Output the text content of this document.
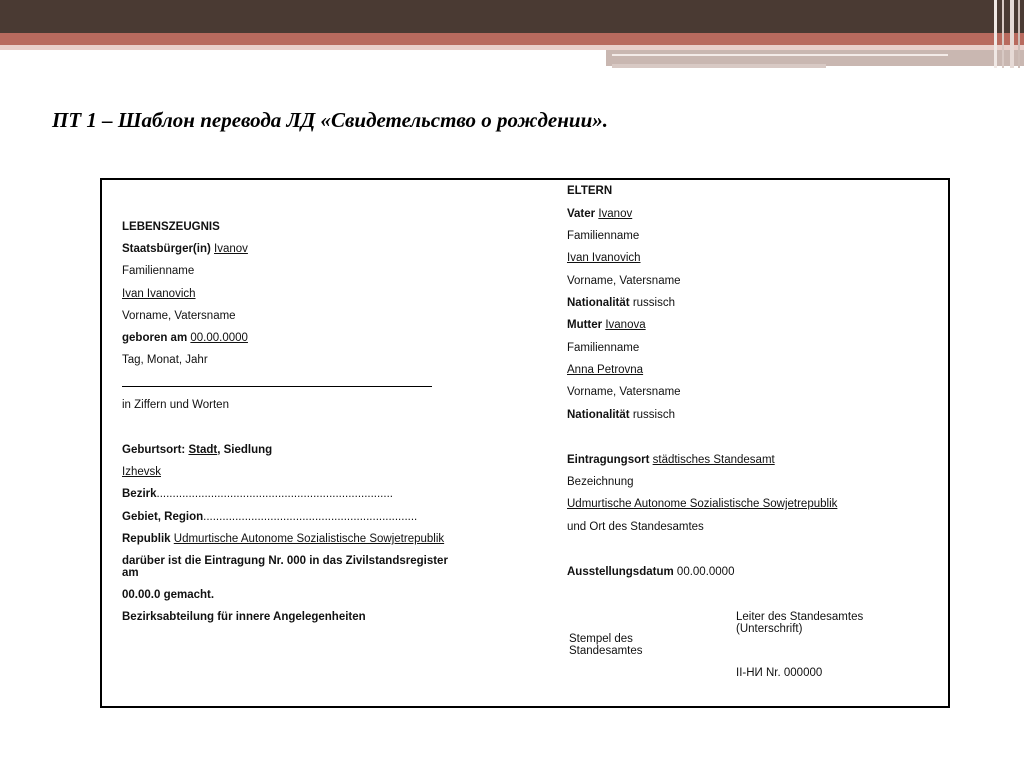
ПТ 1 – Шаблон перевода ЛД «Свидетельство о рождении».
LEBENSZEUGNIS
Staatsbürger(in) Ivanov
Familienname
Ivan Ivanovich
Vorname, Vatersname
geboren am 00.00.0000
Tag, Monat, Jahr
in Ziffern und Worten
Geburtsort: Stadt, Siedlung
Izhevsk
Bezirk..........................................................................
Gebiet, Region...................................................................
Republik Udmurtische Autonome Sozialistische Sowjetrepublik
darüber ist die Eintragung Nr. 000 in das Zivilstandsregister
am
00.00.0 gemacht.
Bezirksabteilung für innere Angelegenheiten
ELTERN
Vater Ivanov
Familienname
Ivan Ivanovich
Vorname, Vatersname
Nationalität russisch
Mutter Ivanova
Familienname
Anna Petrovna
Vorname, Vatersname
Nationalität russisch
Eintragungsort städtisches Standesamt
Bezeichnung
Udmurtische Autonome Sozialistische Sowjetrepublik
und Ort des Standesamtes
Ausstellungsdatum 00.00.0000
Leiter des Standesamtes
(Unterschrift)
Stempel des
Standesamtes
II-НИ Nr. 000000
